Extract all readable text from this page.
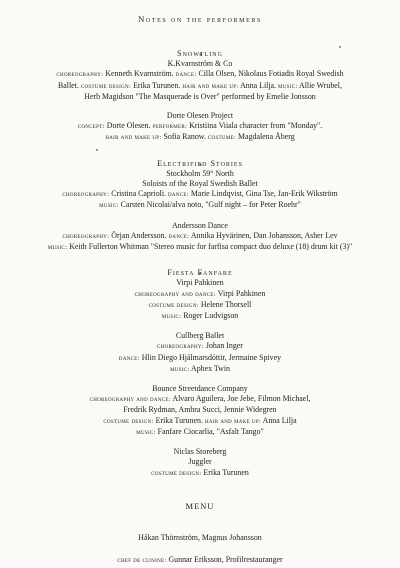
Notes on the performers
Snowtling
K.Kvarnström & Co
choreography: Kenneth Kvarnström. dance: Cilla Olsen, Nikolaus Fotiadis Royal Swedish
Ballet. costume design: Erika Turunen. hair and make up: Anna Lilja. music: Allie Wrubel,
Herb Magidson "The Masquerade is Over" performed by Emelie Jonsson
Dorte Olesen Project
concept: Dorte Olesen. performer: Kristiina Viiala character from "Monday".
hair and make up: Sofia Ranow. costume: Magdalena Åberg
Electrified Stories
Stockholm 59° North
Soloists of the Royal Swedish Ballet
choreography: Cristina Caprioli. dance: Marie Lindqvist, Gina Tse, Jan-Erik Wikström
music: Carsten Nicolai/alva noto, "Gulf night – for Peter Roehr"
Andersson Dance
choreography: Örjan Andersson. dance: Annika Hyvärinen, Dan Johansson, Asher Lev
music: Keith Fullerton Whitman "Stereo music for farfisa compact duo deluxe (18) drum kit (3)"
Fiesta Fanfare
Virpi Pahkinen
choreography and dance: Virpi Pahkinen
costume design: Helene Thorsell
music: Roger Ludvigson
Cullberg Ballet
choreography: Johan Inger
dance: Hlin Diego Hjálmarsdóttir, Jermaine Spivey
music: Aphex Twin
Bounce Streetdance Company
choreography and dance: Alvaro Aguilera, Joe Jebe, Filmon Michael,
Fredrik Rydman, Ambra Succi, Jennie Widegren
costume design: Erika Turunen. hair and make up: Anna Lilja
music: Fanfare Ciocarlia, "Asfalt Tango"
Niclas Storeberg
Juggler
costume design: Erika Turunen
MENU
Håkan Thörnström, Magnus Johansson
chef de cuisine: Gunnar Eriksson, Profilrestauranger
